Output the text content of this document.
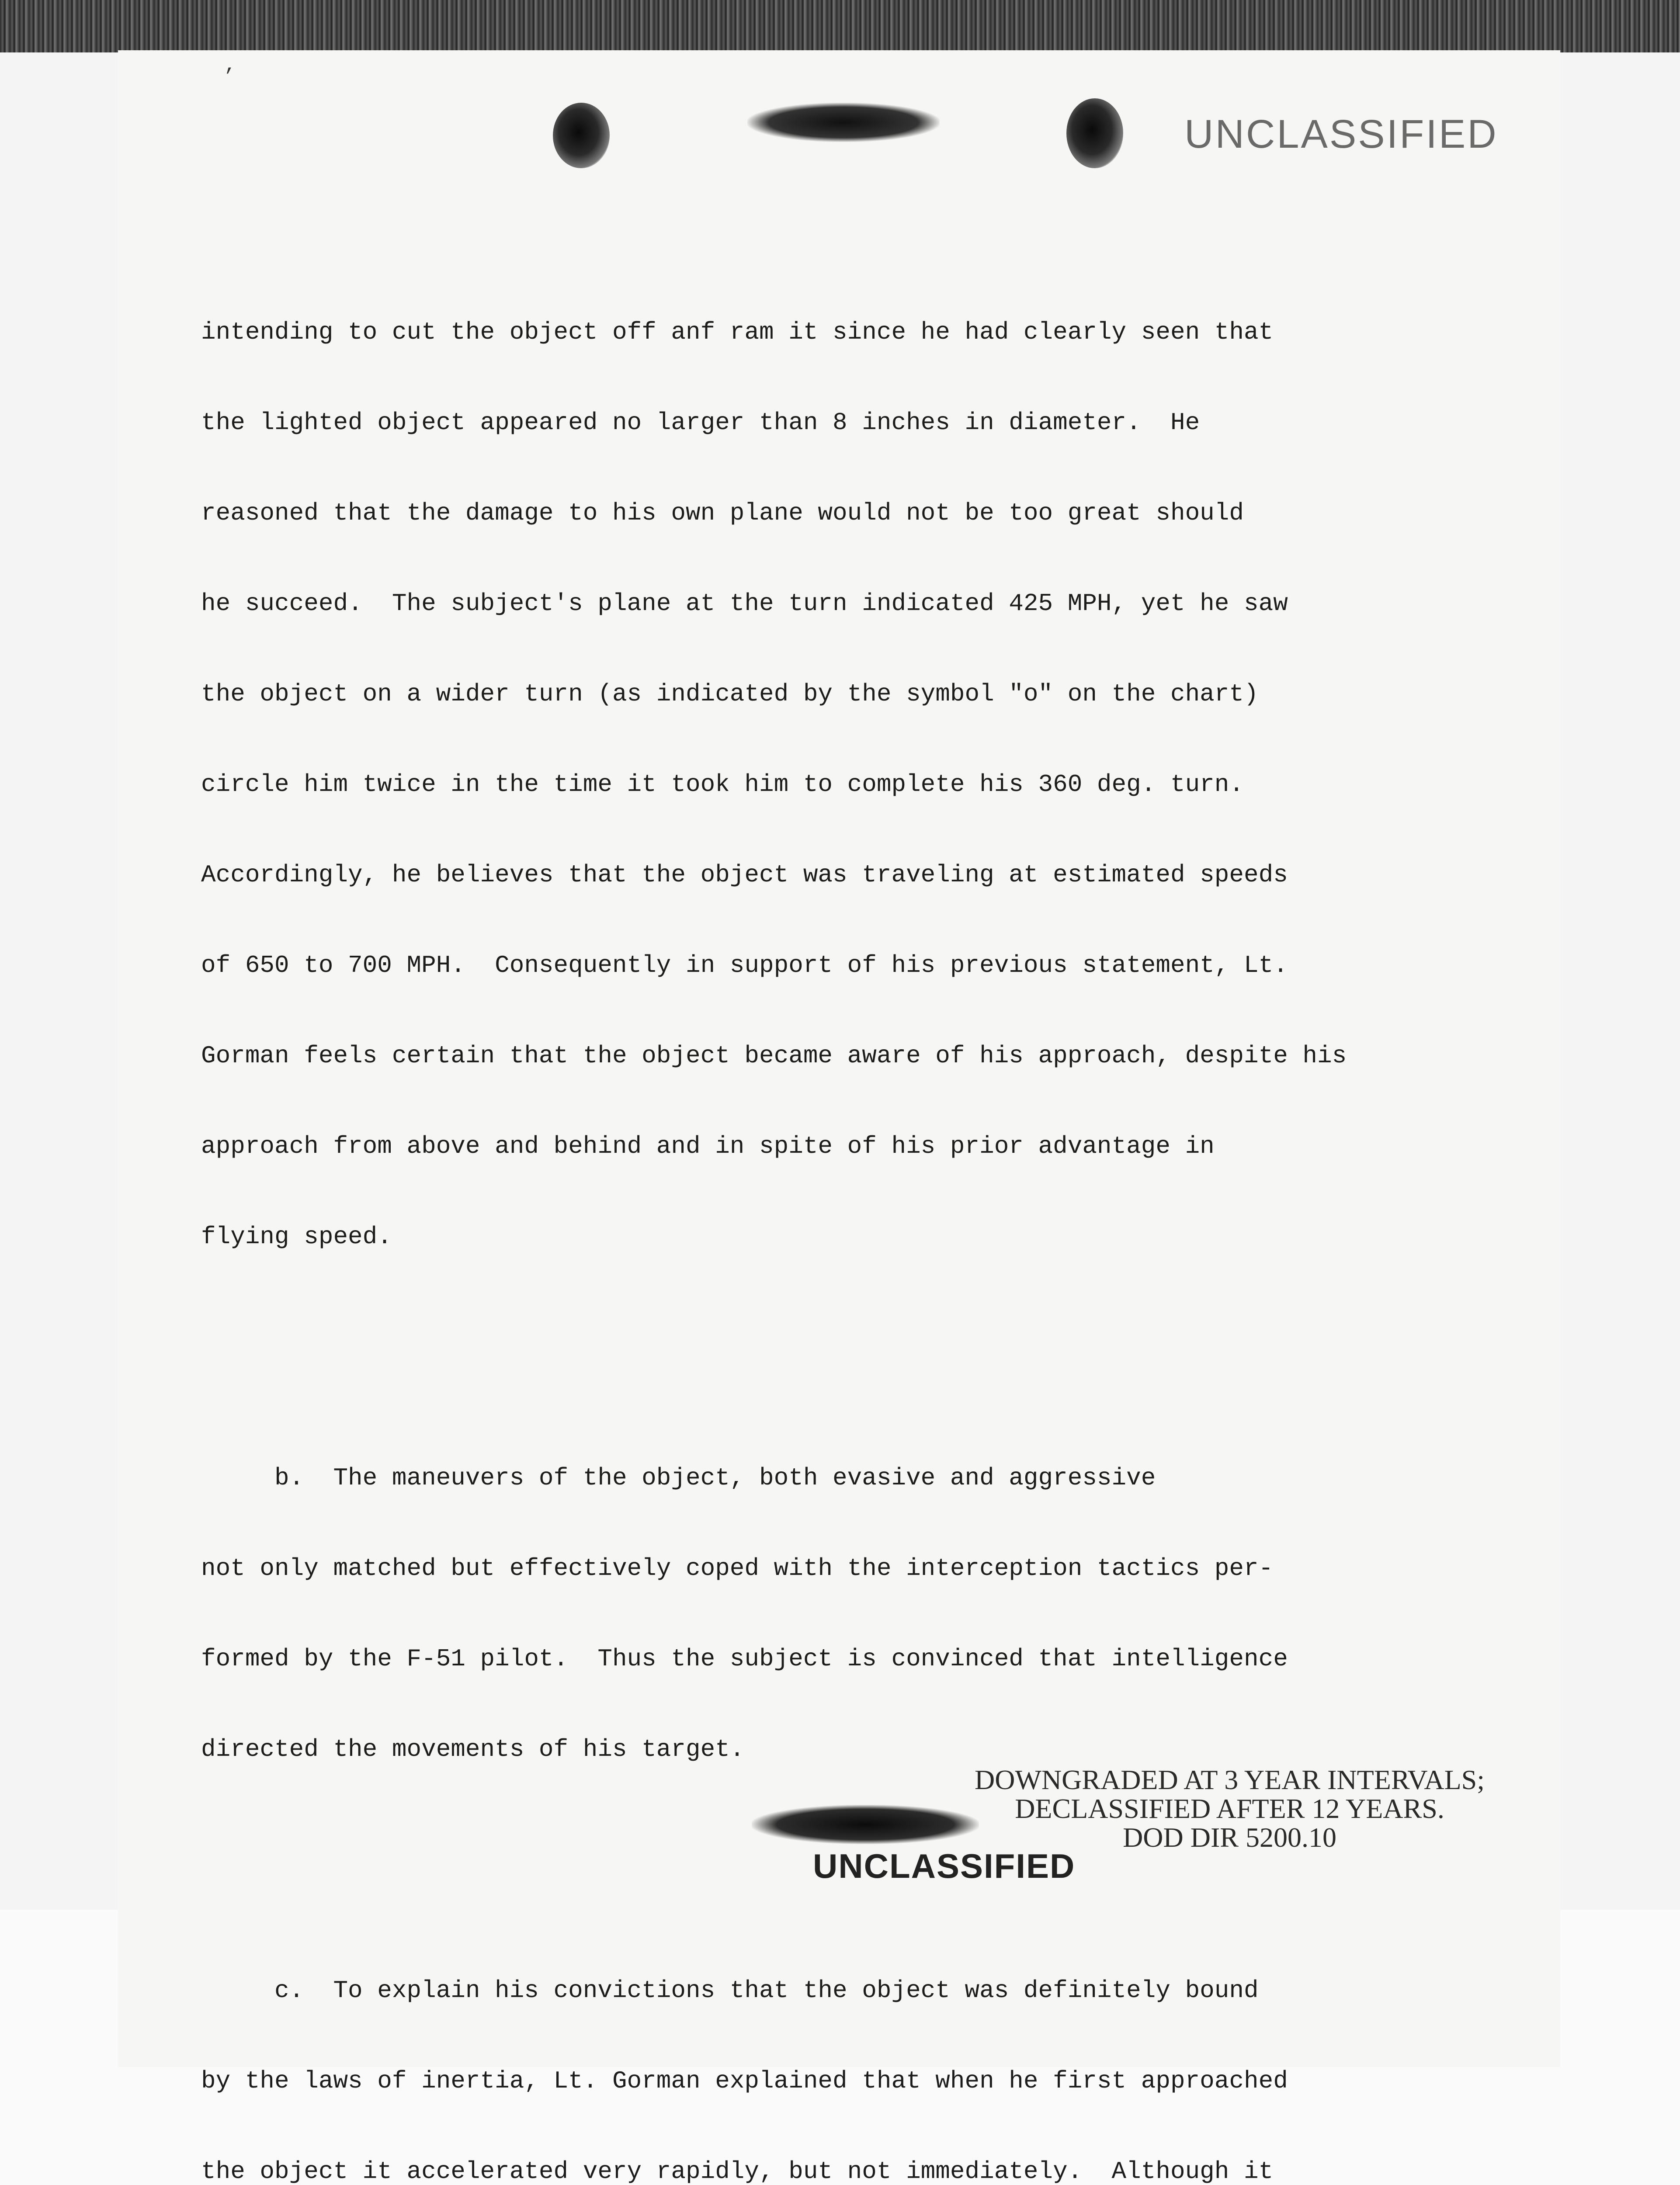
’
UNCLASSIFIED

intending to cut the object off anf ram it since he had clearly seen that

the lighted object appeared no larger than 8 inches in diameter.  He

reasoned that the damage to his own plane would not be too great should

he succeed.  The subject's plane at the turn indicated 425 MPH, yet he saw

the object on a wider turn (as indicated by the symbol "o" on the chart)

circle him twice in the time it took him to complete his 360 deg. turn.

Accordingly, he believes that the object was traveling at estimated speeds

of 650 to 700 MPH.  Consequently in support of his previous statement, Lt.

Gorman feels certain that the object became aware of his approach, despite his

approach from above and behind and in spite of his prior advantage in

flying speed.

b.  The maneuvers of the object, both evasive and aggressive

not only matched but effectively coped with the interception tactics per-

formed by the F-51 pilot.  Thus the subject is convinced that intelligence

directed the movements of his target.

c.  To explain his convictions that the object was definitely bound

by the laws of inertia, Lt. Gorman explained that when he first approached

the object it accelerated very rapidly, but not immediately.  Although it

DOWNGRADED AT 3 YEAR INTERVALS;
DECLASSIFIED AFTER 12 YEARS.
DOD DIR 5200.10
UNCLASSIFIED
